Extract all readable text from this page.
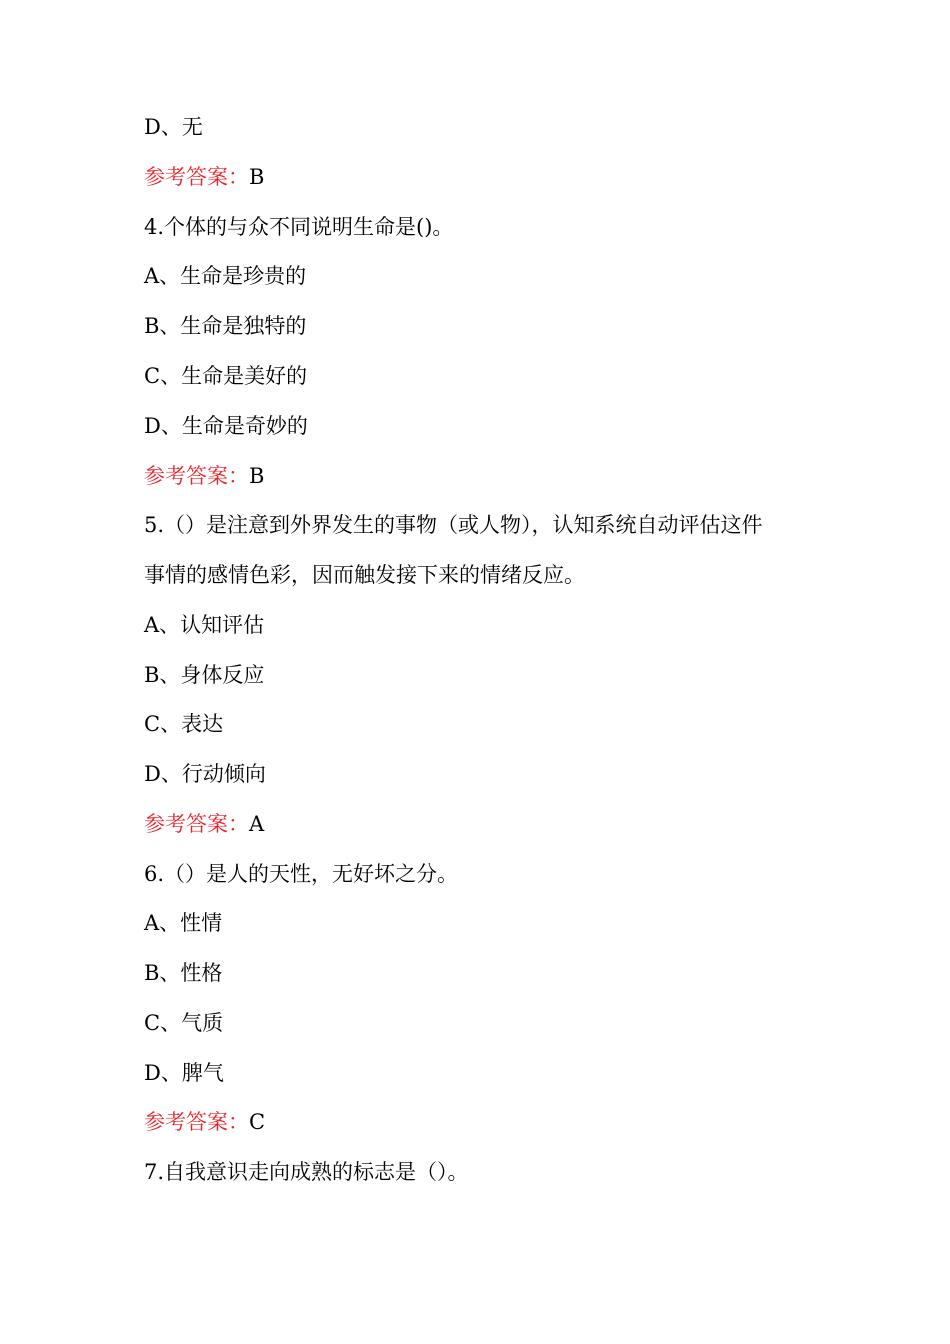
D、无
参考答案：B
4.个体的与众不同说明生命是()。
A、生命是珍贵的
B、生命是独特的
C、生命是美好的
D、生命是奇妙的
参考答案：B
5.（）是注意到外界发生的事物（或人物），认知系统自动评估这件
事情的感情色彩，因而触发接下来的情绪反应。
A、认知评估
B、身体反应
C、表达
D、行动倾向
参考答案：A
6.（）是人的天性，无好坏之分。
A、性情
B、性格
C、气质
D、脾气
参考答案：C
7.自我意识走向成熟的标志是（）。
